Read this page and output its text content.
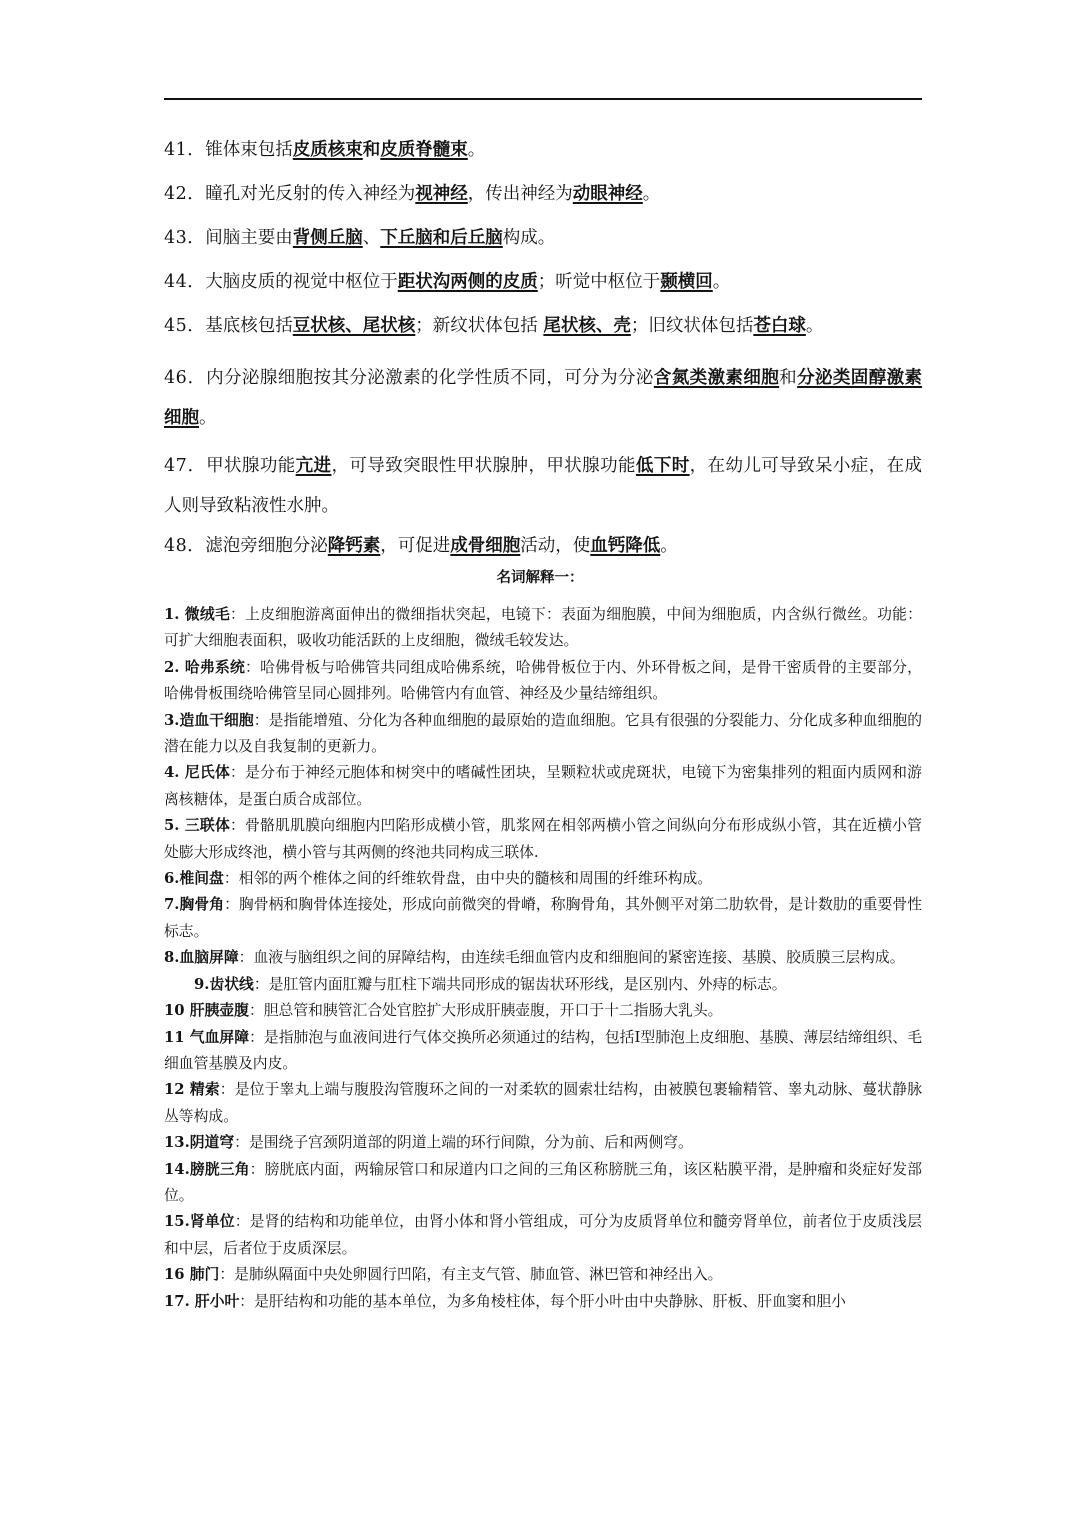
41．锥体束包括皮质核束和皮质脊髓束。

42．瞳孔对光反射的传入神经为视神经，传出神经为动眼神经。

43．间脑主要由背侧丘脑、下丘脑和后丘脑构成。

44．大脑皮质的视觉中枢位于距状沟两侧的皮质；听觉中枢位于颞横回。

45．基底核包括豆状核、尾状核；新纹状体包括 尾状核、壳；旧纹状体包括苍白球。

46．内分泌腺细胞按其分泌激素的化学性质不同，可分为分泌含氮类激素细胞和分泌类固醇激素细胞。

47．甲状腺功能亢进，可导致突眼性甲状腺肿，甲状腺功能低下时，在幼儿可导致呆小症，在成人则导致粘液性水肿。

48．滤泡旁细胞分泌降钙素，可促进成骨细胞活动，使血钙降低。

名词解释一：

1. 微绒毛：上皮细胞游离面伸出的微细指状突起，电镜下：表面为细胞膜，中间为细胞质，内含纵行微丝。功能：可扩大细胞表面积，吸收功能活跃的上皮细胞，微绒毛较发达。

2. 哈弗系统：哈佛骨板与哈佛管共同组成哈佛系统，哈佛骨板位于内、外环骨板之间，是骨干密质骨的主要部分，哈佛骨板围绕哈佛管呈同心圆排列。哈佛管内有血管、神经及少量结缔组织。

3.造血干细胞：是指能增殖、分化为各种血细胞的最原始的造血细胞。它具有很强的分裂能力、分化成多种血细胞的潜在能力以及自我复制的更新力。

4. 尼氏体：是分布于神经元胞体和树突中的嗜碱性团块，呈颗粒状或虎斑状，电镜下为密集排列的粗面内质网和游离核糖体，是蛋白质合成部位。

5. 三联体：骨骼肌肌膜向细胞内凹陷形成横小管，肌浆网在相邻两横小管之间纵向分布形成纵小管，其在近横小管处膨大形成终池，横小管与其两侧的终池共同构成三联体.

6.椎间盘：相邻的两个椎体之间的纤维软骨盘，由中央的髓核和周围的纤维环构成。

7.胸骨角：胸骨柄和胸骨体连接处，形成向前微突的骨嵴，称胸骨角，其外侧平对第二肋软骨，是计数肋的重要骨性标志。

8.血脑屏障：血液与脑组织之间的屏障结构，由连续毛细血管内皮和细胞间的紧密连接、基膜、胶质膜三层构成。

9.齿状线：是肛管内面肛瓣与肛柱下端共同形成的锯齿状环形线，是区别内、外痔的标志。

10 肝胰壶腹：胆总管和胰管汇合处官腔扩大形成肝胰壶腹，开口于十二指肠大乳头。

11 气血屏障：是指肺泡与血液间进行气体交换所必须通过的结构，包括Ⅰ型肺泡上皮细胞、基膜、薄层结缔组织、毛细血管基膜及内皮。

12 精索：是位于睾丸上端与腹股沟管腹环之间的一对柔软的圆索壮结构，由被膜包裹输精管、睾丸动脉、蔓状静脉丛等构成。

13.阴道穹：是围绕子宫颈阴道部的阴道上端的环行间隙，分为前、后和两侧穹。

14.膀胱三角：膀胱底内面，两输尿管口和尿道内口之间的三角区称膀胱三角，该区粘膜平滑，是肿瘤和炎症好发部位。

15.肾单位：是肾的结构和功能单位，由肾小体和肾小管组成，可分为皮质肾单位和髓旁肾单位，前者位于皮质浅层和中层，后者位于皮质深层。

16 肺门：是肺纵隔面中央处卵圆行凹陷，有主支气管、肺血管、淋巴管和神经出入。

17. 肝小叶：是肝结构和功能的基本单位，为多角棱柱体，每个肝小叶由中央静脉、肝板、肝血窦和胆小
